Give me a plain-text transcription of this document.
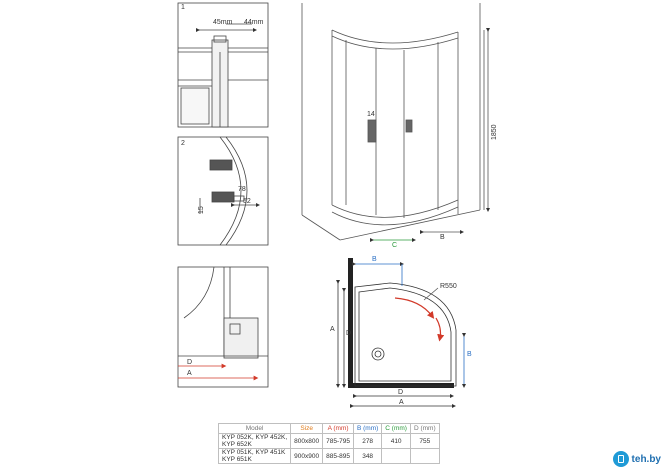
1
45mm 44mm
2
78
52
15
D
A
14
1850
C
B
B
R550
A
D
B
D
A
Model	Size	A (mm)	B (mm)	C (mm)	D (mm)
KYP 052K, KYP 452K,
KYP 652K	800x800	785-795	278	410	755
KYP 051K, KYP 451K
KYP 651K	900x900	885-895	348			teh.by
